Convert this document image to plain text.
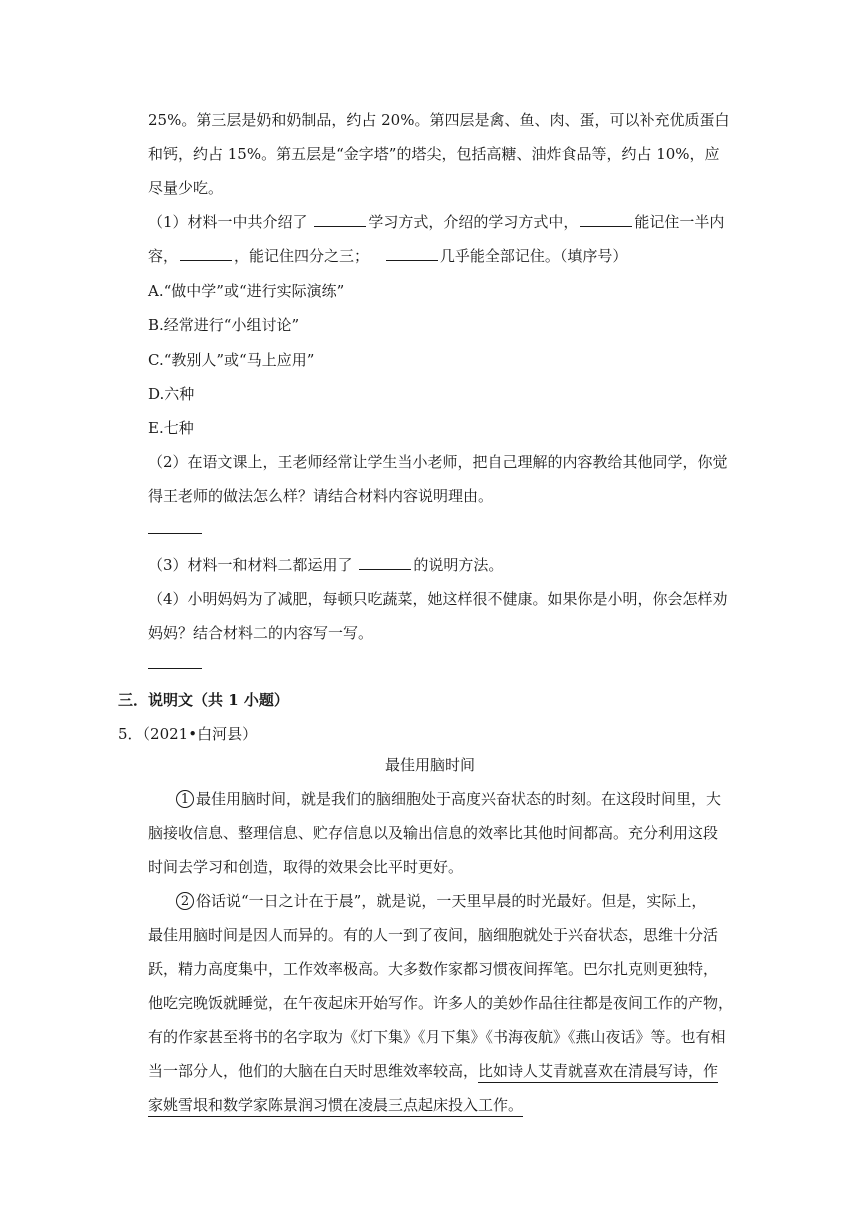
25%。第三层是奶和奶制品，约占 20%。第四层是禽、鱼、肉、蛋，可以补充优质蛋白
和钙，约占 15%。第五层是“金字塔”的塔尖，包括高糖、油炸食品等，约占 10%，应
尽量少吃。
（1）材料一中共介绍了	学习方式，介绍的学习方式中，	能记住一半内
容，	，能记住四分之三；	几乎能全部记住。（填序号）
A.“做中学”或“进行实际演练”
B.经常进行“小组讨论”
C.“教别人”或“马上应用”
D.六种
E.七种
（2）在语文课上，王老师经常让学生当小老师，把自己理解的内容教给其他同学，你觉
得王老师的做法怎么样？请结合材料内容说明理由。
（3）材料一和材料二都运用了	的说明方法。
（4）小明妈妈为了减肥，每顿只吃蔬菜，她这样很不健康。如果你是小明，你会怎样劝
妈妈？结合材料二的内容写一写。
三．说明文（共 1 小题）
5．（2021•白河县）
最佳用脑时间
1 最佳用脑时间，就是我们的脑细胞处于高度兴奋状态的时刻。在这段时间里，大
脑接收信息、整理信息、贮存信息以及输出信息的效率比其他时间都高。充分利用这段
时间去学习和创造，取得的效果会比平时更好。
2 俗话说“一日之计在于晨”，就是说，一天里早晨的时光最好。但是，实际上，
最佳用脑时间是因人而异的。有的人一到了夜间，脑细胞就处于兴奋状态，思维十分活
跃，精力高度集中，工作效率极高。大多数作家都习惯夜间挥笔。巴尔扎克则更独特，
他吃完晚饭就睡觉，在午夜起床开始写作。许多人的美妙作品往往都是夜间工作的产物，
有的作家甚至将书的名字取为《灯下集》《月下集》《书海夜航》《燕山夜话》等。也有相
当一部分人，他们的大脑在白天时思维效率较高，比如诗人艾青就喜欢在清晨写诗，作
家姚雪垠和数学家陈景润习惯在凌晨三点起床投入工作。
